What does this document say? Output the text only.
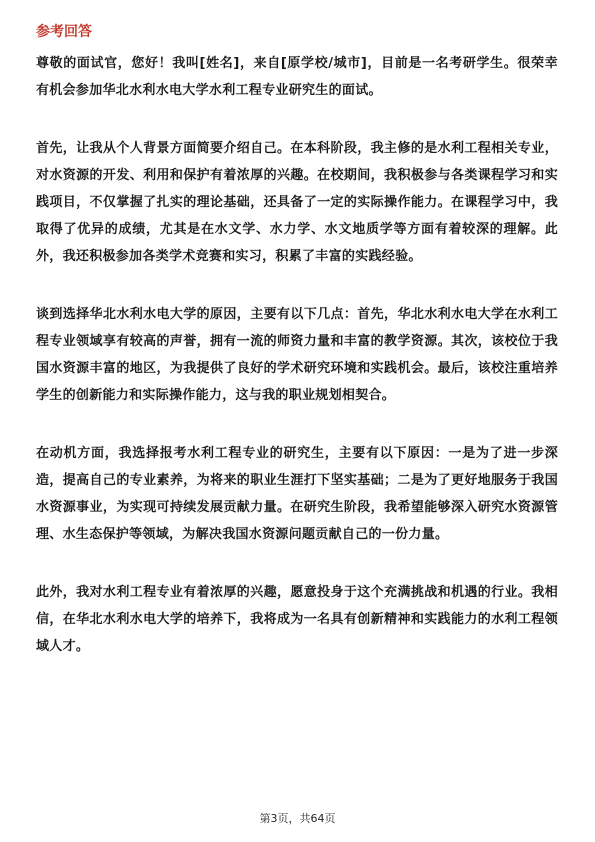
参考回答

尊敬的面试官，您好！我叫[姓名]，来自[原学校/城市]，目前是一名考研学生。很荣幸有机会参加华北水利水电大学水利工程专业研究生的面试。

首先，让我从个人背景方面简要介绍自己。在本科阶段，我主修的是水利工程相关专业，对水资源的开发、利用和保护有着浓厚的兴趣。在校期间，我积极参与各类课程学习和实践项目，不仅掌握了扎实的理论基础，还具备了一定的实际操作能力。在课程学习中，我取得了优异的成绩，尤其是在水文学、水力学、水文地质学等方面有着较深的理解。此外，我还积极参加各类学术竞赛和实习，积累了丰富的实践经验。

谈到选择华北水利水电大学的原因，主要有以下几点：首先，华北水利水电大学在水利工程专业领域享有较高的声誉，拥有一流的师资力量和丰富的教学资源。其次，该校位于我国水资源丰富的地区，为我提供了良好的学术研究环境和实践机会。最后，该校注重培养学生的创新能力和实际操作能力，这与我的职业规划相契合。

在动机方面，我选择报考水利工程专业的研究生，主要有以下原因：一是为了进一步深造，提高自己的专业素养，为将来的职业生涯打下坚实基础；二是为了更好地服务于我国水资源事业，为实现可持续发展贡献力量。在研究生阶段，我希望能够深入研究水资源管理、水生态保护等领域，为解决我国水资源问题贡献自己的一份力量。

此外，我对水利工程专业有着浓厚的兴趣，愿意投身于这个充满挑战和机遇的行业。我相信，在华北水利水电大学的培养下，我将成为一名具有创新精神和实践能力的水利工程领域人才。

第3页，共64页
